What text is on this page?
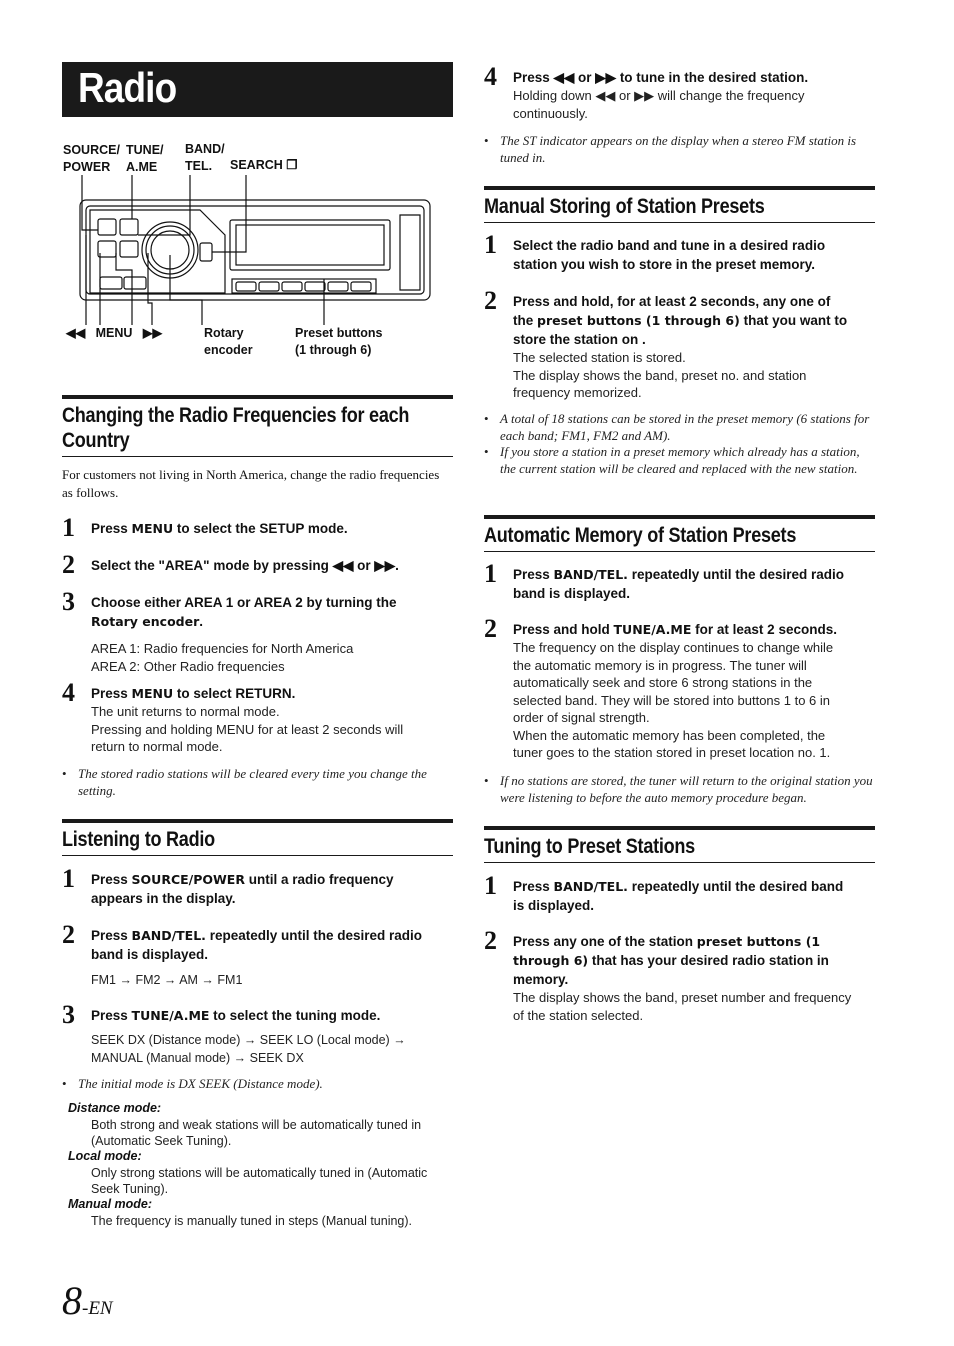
Radio
SOURCE/
POWER
TUNE/
A.ME
BAND/
TEL.	SEARCH ❐
◀◀   MENU   ▶▶	Rotary
encoder
Preset buttons
(1 through 6)
Changing the Radio Frequencies for each
Country
For customers not living in North America, change the radio frequencies as follows.
1 Press MENU to select the SETUP mode.
2 Select the "AREA" mode by pressing ◀◀ or ▶▶.
3 Choose either AREA 1 or AREA 2 by turning the Rotary encoder.
AREA 1: Radio frequencies for North America
AREA 2: Other Radio frequencies
4 Press MENU to select RETURN.
The unit returns to normal mode.
Pressing and holding MENU for at least 2 seconds will return to normal mode.
• The stored radio stations will be cleared every time you change the setting.
Listening to Radio
1 Press SOURCE/POWER until a radio frequency appears in the display.
2 Press BAND/TEL. repeatedly until the desired radio band is displayed.
FM1 → FM2 → AM → FM1
3 Press TUNE/A.ME to select the tuning mode.
SEEK DX (Distance mode) → SEEK LO (Local mode) → MANUAL (Manual mode) → SEEK DX
• The initial mode is DX SEEK (Distance mode).
Distance mode:
Both strong and weak stations will be automatically tuned in (Automatic Seek Tuning).
Local mode:
Only strong stations will be automatically tuned in (Automatic Seek Tuning).
Manual mode:
The frequency is manually tuned in steps (Manual tuning).
8-EN
4 Press ◀◀ or ▶▶ to tune in the desired station.
Holding down ◀◀ or ▶▶ will change the frequency continuously.
• The ST indicator appears on the display when a stereo FM station is tuned in.
Manual Storing of Station Presets
1 Select the radio band and tune in a desired radio station you wish to store in the preset memory.
2 Press and hold, for at least 2 seconds, any one of the preset buttons (1 through 6) that you want to store the station on .
The selected station is stored.
The display shows the band, preset no. and station frequency memorized.
• A total of 18 stations can be stored in the preset memory (6 stations for each band; FM1, FM2 and AM).
• If you store a station in a preset memory which already has a station, the current station will be cleared and replaced with the new station.
Automatic Memory of Station Presets
1 Press BAND/TEL. repeatedly until the desired radio band is displayed.
2 Press and hold TUNE/A.ME for at least 2 seconds.
The frequency on the display continues to change while the automatic memory is in progress. The tuner will automatically seek and store 6 strong stations in the selected band. They will be stored into buttons 1 to 6 in order of signal strength.
When the automatic memory has been completed, the tuner goes to the station stored in preset location no. 1.
• If no stations are stored, the tuner will return to the original station you were listening to before the auto memory procedure began.
Tuning to Preset Stations
1 Press BAND/TEL. repeatedly until the desired band is displayed.
2 Press any one of the station preset buttons (1 through 6) that has your desired radio station in memory.
The display shows the band, preset number and frequency of the station selected.
